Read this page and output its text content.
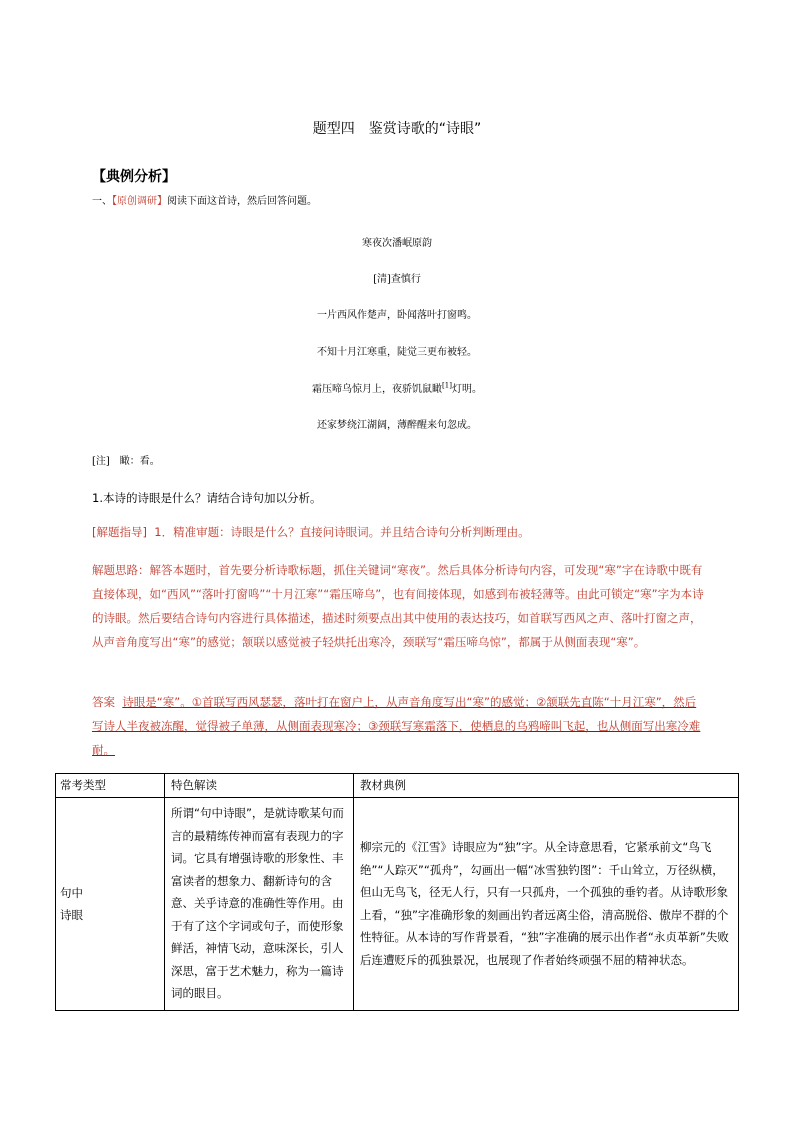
题型四　鉴赏诗歌的“诗眼”
【典例分析】
一、【原创调研】阅读下面这首诗，然后回答问题。
寒夜次潘岷原韵
[清]查慎行
一片西风作楚声，卧闻落叶打窗鸣。
不知十月江寒重，陡觉三更布被轻。
霜压啼乌惊月上，夜骄饥鼠瞰[1]灯明。
还家梦绕江湖阔，薄醉醒来句忽成。
[注]　瞰：看。
1.本诗的诗眼是什么？请结合诗句加以分析。
[解题指导] 1．精准审题：诗眼是什么？直接问诗眼词。并且结合诗句分析判断理由。
解题思路：解答本题时，首先要分析诗歌标题，抓住关键词“寒夜”。然后具体分析诗句内容，可发现“寒”字在诗歌中既有直接体现，如“西风”“落叶打窗鸣”“十月江寒”“霜压啼乌”，也有间接体现，如感到布被轻薄等。由此可锁定“寒”字为本诗的诗眼。然后要结合诗句内容进行具体描述，描述时须要点出其中使用的表达技巧，如首联写西风之声、落叶打窗之声，从声音角度写出“寒”的感觉；颔联以感觉被子轻烘托出寒冷，颈联写“霜压啼乌惊”，都属于从侧面表现“寒”。
答案 诗眼是“寒”。①首联写西风瑟瑟，落叶打在窗户上，从声音角度写出“寒”的感觉；②颔联先直陈“十月江寒”，然后写诗人半夜被冻醒，觉得被子单薄，从侧面表现寒冷；③颈联写寒霜落下，使栖息的乌鸦啼叫飞起，也从侧面写出寒冷难耐。
常考类型	特色解读	教材典例
句中
诗眼	所谓“句中诗眼”，是就诗歌某句而言的最精练传神而富有表现力的字词。它具有增强诗歌的形象性、丰富读者的想象力、翻新诗句的含意、关乎诗意的准确性等作用。由于有了这个字词或句子，而使形象鲜活，神情飞动，意味深长，引人深思，富于艺术魅力，称为一篇诗词的眼目。	柳宗元的《江雪》诗眼应为“独”字。从全诗意思看，它紧承前文“鸟飞绝”“人踪灭”“孤舟”，勾画出一幅“冰雪独钓图”：千山耸立，万径纵横，但山无鸟飞，径无人行，只有一只孤舟，一个孤独的垂钓者。从诗歌形象上看，“独”字准确形象的刻画出钓者远离尘俗，清高脱俗、傲岸不群的个性特征。从本诗的写作背景看，“独”字准确的展示出作者“永贞革新”失败后连遭贬斥的孤独景况，也展现了作者始终顽强不屈的精神状态。
